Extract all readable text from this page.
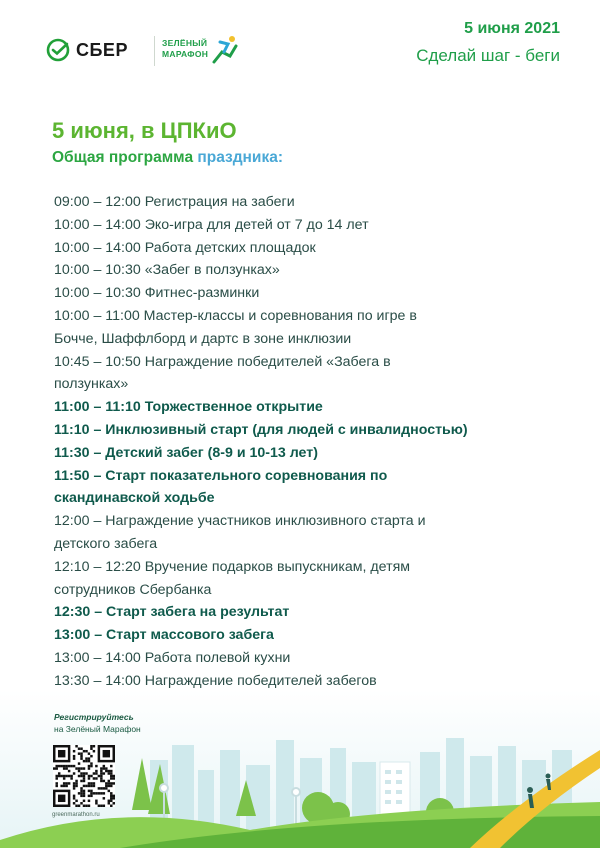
СБЕР	ЗЕЛЁНЫЙ
МАРАФОН
5 июня 2021
Сделай шаг - беги
5 июня, в ЦПКиО
Общая программа праздника:
09:00 – 12:00 Регистрация на забеги
10:00 – 14:00 Эко-игра для детей от 7 до 14 лет
10:00 – 14:00 Работа детских площадок
10:00 – 10:30 «Забег в ползунках»
10:00 – 10:30 Фитнес-разминки
10:00 – 11:00 Мастер-классы и соревнования по игре в
Бочче, Шаффлборд и дартс в зоне инклюзии
10:45 – 10:50 Награждение победителей «Забега в
ползунках»
11:00 – 11:10 Торжественное открытие
11:10 – Инклюзивный старт (для людей с инвалидностью)
11:30 – Детский забег (8-9 и 10-13 лет)
11:50 – Старт показательного соревнования по
скандинавской ходьбе
12:00 – Награждение участников инклюзивного старта и
детского забега
12:10 – 12:20 Вручение подарков выпускникам, детям
сотрудников Сбербанка
12:30 – Старт забега на результат
13:00 – Старт массового забега
13:00 – 14:00 Работа полевой кухни
13:30 – 14:00 Награждение победителей забегов
Регистрируйтесь
на Зелёный Марафон
greenmarathon.ru
